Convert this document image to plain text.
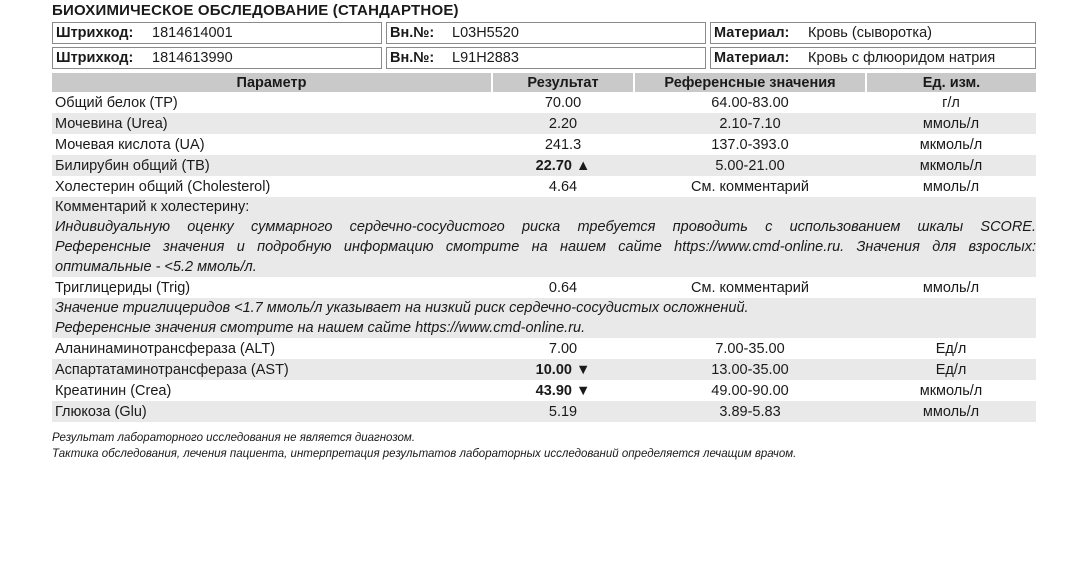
БИОХИМИЧЕСКОЕ ОБСЛЕДОВАНИЕ (СТАНДАРТНОЕ)
Штрихкод: 1814614001	Вн.№: L03H5520	Материал: Кровь (сыворотка)
Штрихкод: 1814613990	Вн.№: L91H2883	Материал: Кровь с флюоридом натрия
Параметр	Результат	Референсные значения	Ед. изм.
Общий белок (TP)	70.00	64.00-83.00	г/л
Мочевина (Urea)	2.20	2.10-7.10	ммоль/л
Мочевая кислота (UA)	241.3	137.0-393.0	мкмоль/л
Билирубин общий (TB)	22.70 ▲	5.00-21.00	мкмоль/л
Холестерин общий (Cholesterol)	4.64	См. комментарий	ммоль/л

Комментарий к холестерину:
Индивидуальную оценку суммарного сердечно-сосудистого риска требуется проводить с использованием шкалы SCORE.
Референсные значения и подробную информацию смотрите на нашем сайте https://www.cmd-online.ru. Значения для взрослых:
оптимальные - <5.2 ммоль/л.			

Триглицериды (Trig)	0.64	См. комментарий	ммоль/л

Значение триглицеридов <1.7 ммоль/л указывает на низкий риск сердечно-сосудистых осложнений.
Референсные значения смотрите на нашем сайте https://www.cmd-online.ru.			

Аланинаминотрансфераза (ALT)	7.00	7.00-35.00	Ед/л
Аспартатаминотрансфераза (AST)	10.00 ▼	13.00-35.00	Ед/л
Креатинин (Crea)	43.90 ▼	49.00-90.00	мкмоль/л
Глюкоза (Glu)	5.19	3.89-5.83	ммоль/л
Результат лабораторного исследования не является диагнозом.
Тактика обследования, лечения пациента, интерпретация результатов лабораторных исследований определяется лечащим врачом.
